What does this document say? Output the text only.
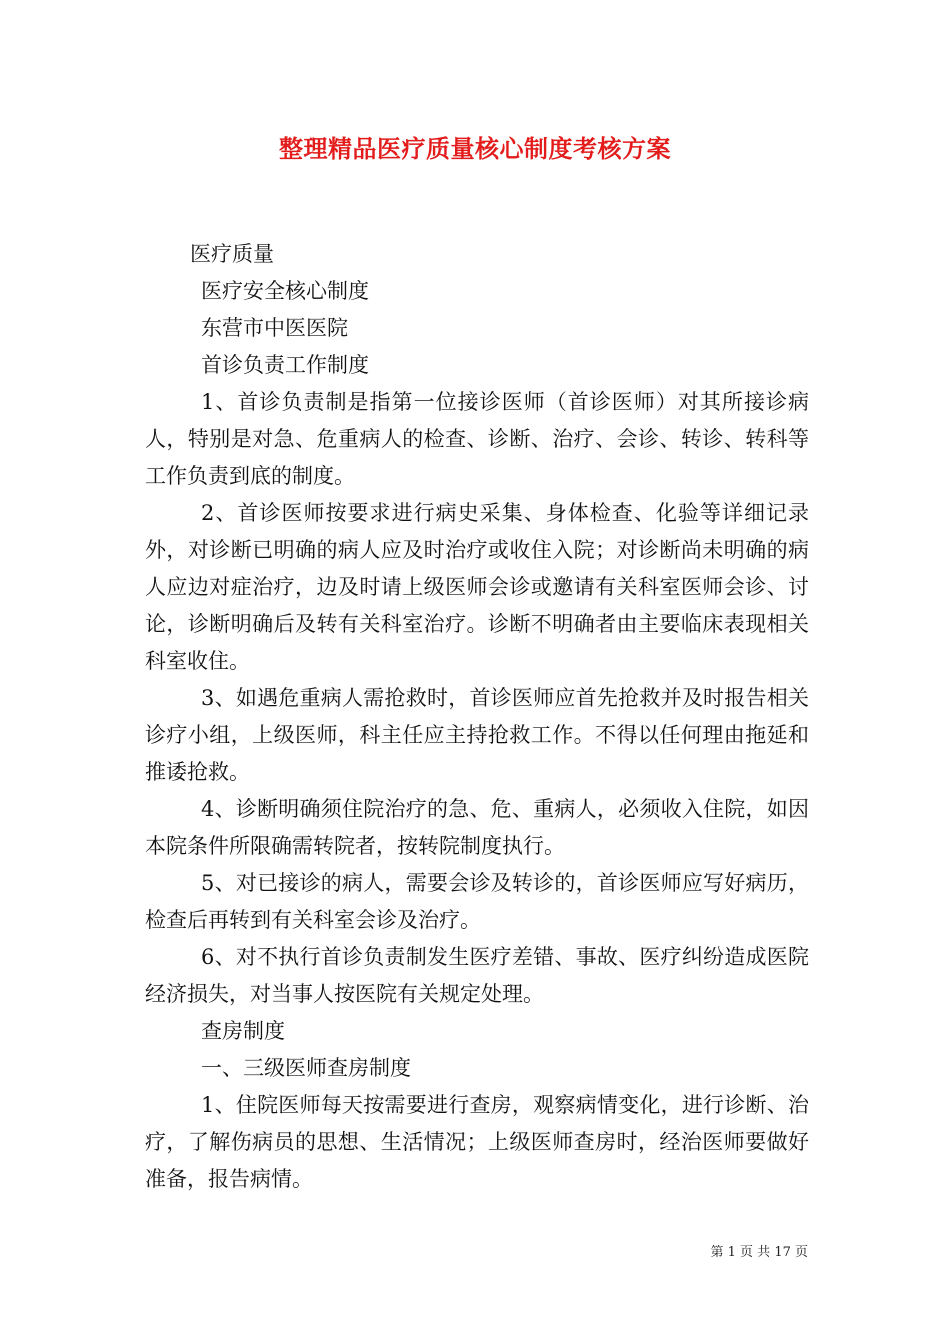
整理精品医疗质量核心制度考核方案

医疗质量

医疗安全核心制度

东营市中医医院

首诊负责工作制度

1、首诊负责制是指第一位接诊医师（首诊医师）对其所接诊病人，特别是对急、危重病人的检查、诊断、治疗、会诊、转诊、转科等工作负责到底的制度。

2、首诊医师按要求进行病史采集、身体检查、化验等详细记录外，对诊断已明确的病人应及时治疗或收住入院；对诊断尚未明确的病人应边对症治疗，边及时请上级医师会诊或邀请有关科室医师会诊、讨论，诊断明确后及转有关科室治疗。诊断不明确者由主要临床表现相关科室收住。

3、如遇危重病人需抢救时，首诊医师应首先抢救并及时报告相关诊疗小组，上级医师，科主任应主持抢救工作。不得以任何理由拖延和推诿抢救。

4、诊断明确须住院治疗的急、危、重病人，必须收入住院，如因本院条件所限确需转院者，按转院制度执行。

5、对已接诊的病人，需要会诊及转诊的，首诊医师应写好病历，检查后再转到有关科室会诊及治疗。

6、对不执行首诊负责制发生医疗差错、事故、医疗纠纷造成医院经济损失，对当事人按医院有关规定处理。

查房制度

一、三级医师查房制度

1、住院医师每天按需要进行查房，观察病情变化，进行诊断、治疗，了解伤病员的思想、生活情况；上级医师查房时，经治医师要做好准备，报告病情。

第 1 页 共 17 页
